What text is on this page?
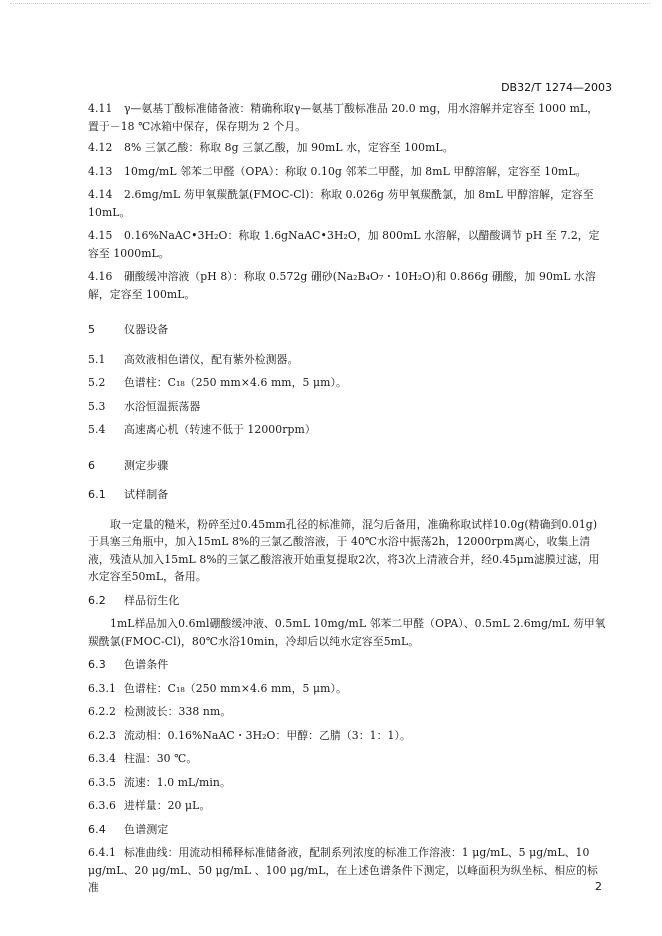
DB32/T 1274—2003

4.11 γ—氨基丁酸标准储备液：精确称取γ—氨基丁酸标准品 20.0 mg，用水溶解并定容至 1000 mL，置于－18 ℃冰箱中保存，保存期为 2 个月。

4.12 8% 三氯乙酸：称取 8g 三氯乙酸，加 90mL 水，定容至 100mL。

4.13 10mg/mL 邻苯二甲醛（OPA）：称取 0.10g 邻苯二甲醛，加 8mL 甲醇溶解，定容至 10mL。

4.14 2.6mg/mL 芴甲氧羰酰氯(FMOC-Cl)：称取 0.026g 芴甲氧羰酰氯，加 8mL 甲醇溶解，定容至 10mL。

4.15 0.16%NaAC•3H₂O：称取 1.6gNaAC•3H₂O，加 800mL 水溶解，以醋酸调节 pH 至 7.2，定容至 1000mL。

4.16 硼酸缓冲溶液（pH 8）：称取 0.572g 硼砂(Na₂B₄O₇・10H₂O)和 0.866g 硼酸，加 90mL 水溶解，定容至 100mL。

5	仪器设备

5.1 高效液相色谱仪，配有紫外检测器。

5.2 色谱柱：C₁₈（250 mm×4.6 mm，5 μm）。

5.3 水浴恒温振荡器

5.4 高速离心机（转速不低于 12000rpm）

6	测定步骤

6.1 试样制备

取一定量的糙米，粉碎至过0.45mm孔径的标准筛，混匀后备用，准确称取试样10.0g(精确到0.01g)于具塞三角瓶中，加入15mL 8%的三氯乙酸溶液，于 40℃水浴中振荡2h，12000rpm离心，收集上清液，残渣从加入15mL 8%的三氯乙酸溶液开始重复提取2次，将3次上清液合并，经0.45μm滤膜过滤，用水定容至50mL，备用。

6.2 样品衍生化

1mL样品加入0.6ml硼酸缓冲液、0.5mL 10mg/mL 邻苯二甲醛（OPA）、0.5mL 2.6mg/mL 芴甲氧羰酰氯(FMOC-Cl)，80℃水浴10min，冷却后以纯水定容至5mL。

6.3 色谱条件

6.3.1 色谱柱：C₁₈（250 mm×4.6 mm，5 μm）。

6.2.2 检测波长：338 nm。

6.2.3 流动相：0.16%NaAC・3H₂O：甲醇：乙腈（3：1：1）。

6.3.4 柱温：30 ℃。

6.3.5 流速：1.0 mL/min。

6.3.6 进样量：20 μL。

6.4 色谱测定

6.4.1 标准曲线：用流动相稀释标准储备液，配制系列浓度的标准工作溶液：1 μg/mL、5 μg/mL、10 μg/mL、20 μg/mL、50 μg/mL 、100 μg/mL，在上述色谱条件下测定，以峰面积为纵坐标、相应的标准	2
